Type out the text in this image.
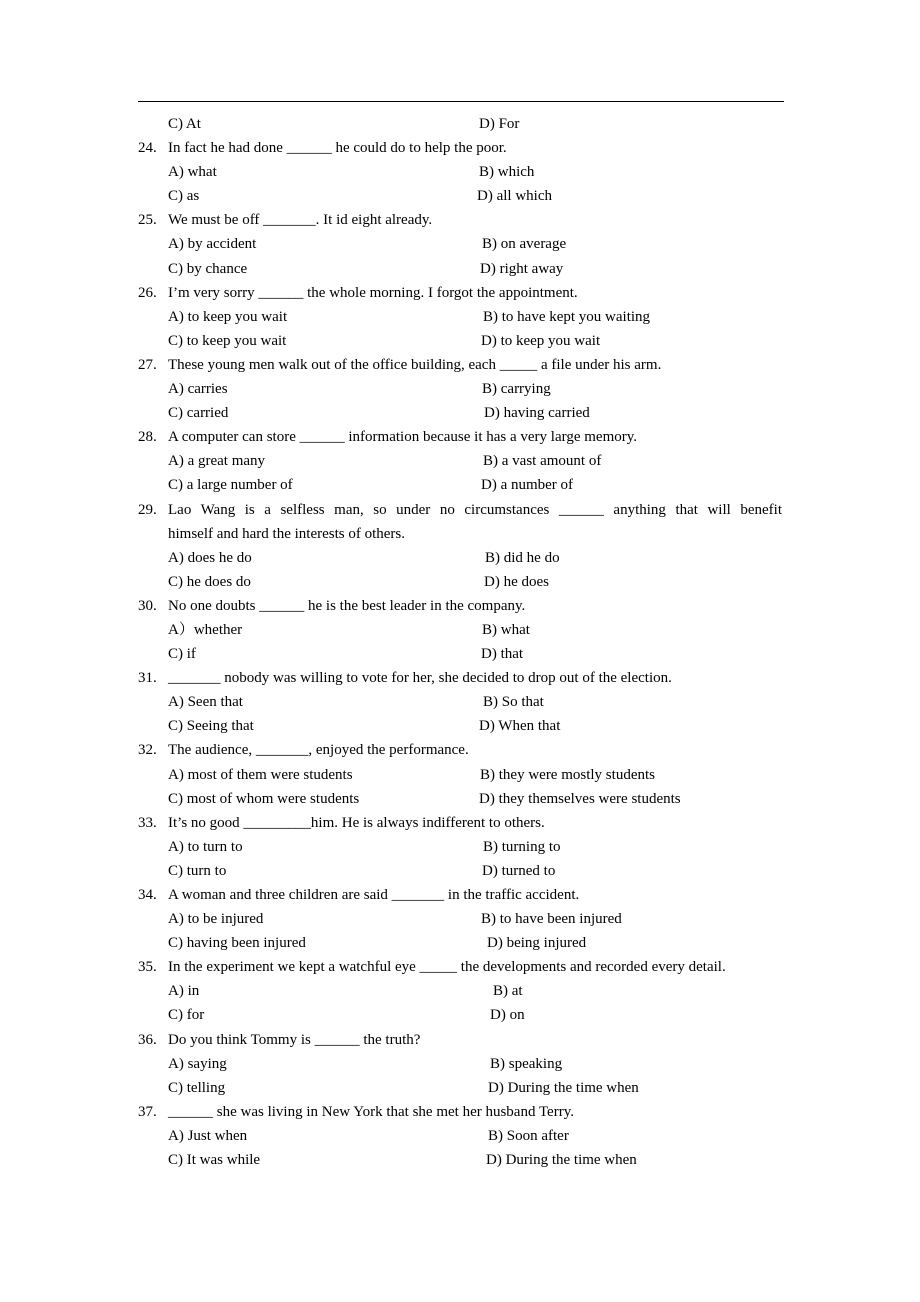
C) At	D) For
24. In fact he had done ______ he could do to help the poor.
A) what	B) which
C) as	D) all which
25. We must be off _______. It id eight already.
A) by accident	B) on average
C) by chance	D) right away
26. I’m very sorry ______ the whole morning. I forgot the appointment.
A) to keep you wait	B) to have kept you waiting
C) to keep you wait	D) to keep you wait
27. These young men walk out of the office building, each _____ a file under his arm.
A) carries	B) carrying
C) carried	D) having carried
28. A computer can store ______ information because it has a very large memory.
A) a great many	B) a vast amount of
C) a large number of	D) a number of
29. Lao Wang is a selfless man, so under no circumstances ______ anything that will benefit
himself and hard the interests of others.
A) does he do	B) did he do
C) he does do	D) he does
30. No one doubts ______ he is the best leader in the company.
A）whether	B) what
C) if	D) that
31. _______ nobody was willing to vote for her, she decided to drop out of the election.
A) Seen that	B) So that
C) Seeing that	D) When that
32. The audience, _______, enjoyed the performance.
A) most of them were students	B) they were mostly students
C) most of whom were students	D) they themselves were students
33. It’s no good _________him. He is always indifferent to others.
A) to turn to	B) turning to
C) turn to	D) turned to
34. A woman and three children are said _______ in the traffic accident.
A) to be injured	B) to have been injured
C) having been injured	D) being injured
35. In the experiment we kept a watchful eye _____ the developments and recorded every detail.
A) in	B) at
C) for	D) on
36. Do you think Tommy is ______ the truth?
A) saying	B) speaking
C) telling	D) During the time when
37. ______ she was living in New York that she met her husband Terry.
A) Just when	B) Soon after
C) It was while	D) During the time when
